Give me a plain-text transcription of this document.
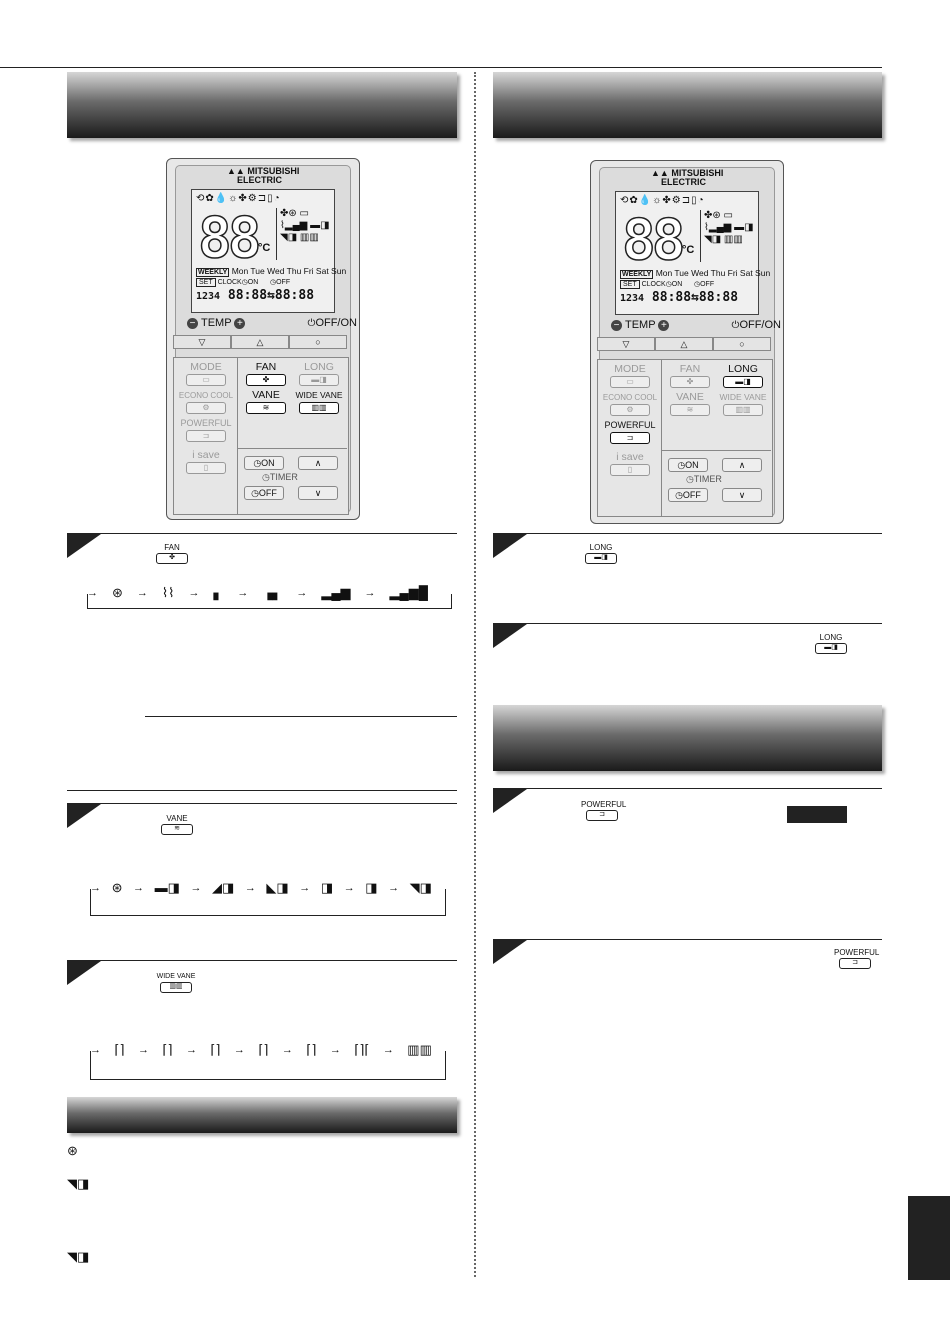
▲▲ MITSUBISHI
ELECTRIC
⟲✿💧☼✤⚙⊐▯◔
88 °C
✤⊛ ▭
⌇▂▄▆ ▬◨
◥◨ ▥▥
WEEKLY Mon Tue Wed Thu Fri Sat Sun
SET CLOCK◷ON ◷OFF
1234 88:88⇆88:88
− TEMP +	⏻OFF/ON
▽	△	○
MODE
▭
ECONO COOL
⚙
POWERFUL
⊐
i save
▯
FAN
✤
LONG
▬◨
VANE
≋
WIDE VANE
▥▥
◷ON	∧
◷TIMER
◷OFF	∨
FAN
✤
→ ⊛ → ⌇⌇ → ▖ → ▗▖ → ▂▄▆ → ▂▄▆█
VANE
≋
→ ⊛ → ▬◨ → ◢◨ → ◣◨ → ◨ → ◨ → ◥◨
WIDE VANE
▥▥
→ ⌈⌉ → ⌈⌉ → ⌈⌉ → ⌈⌉ → ⌈⌉ → ⌈⌉⌈ → ▥▥
⊛
◥◨
◥◨
▲▲ MITSUBISHI
ELECTRIC
⟲✿💧☼✤⚙⊐▯◔
88 °C
✤⊛ ▭
⌇▂▄▆ ▬◨
◥◨ ▥▥
WEEKLY Mon Tue Wed Thu Fri Sat Sun
SET CLOCK◷ON ◷OFF
1234 88:88⇆88:88
− TEMP +	⏻OFF/ON
▽	△	○
MODE
▭
ECONO COOL
⚙
POWERFUL
⊐
i save
▯
FAN
✤
LONG
▬◨
VANE
≋
WIDE VANE
▥▥
◷ON	∧
◷TIMER
◷OFF	∨
LONG
▬◨
LONG
▬◨
POWERFUL
⊐
POWERFUL
⊐
